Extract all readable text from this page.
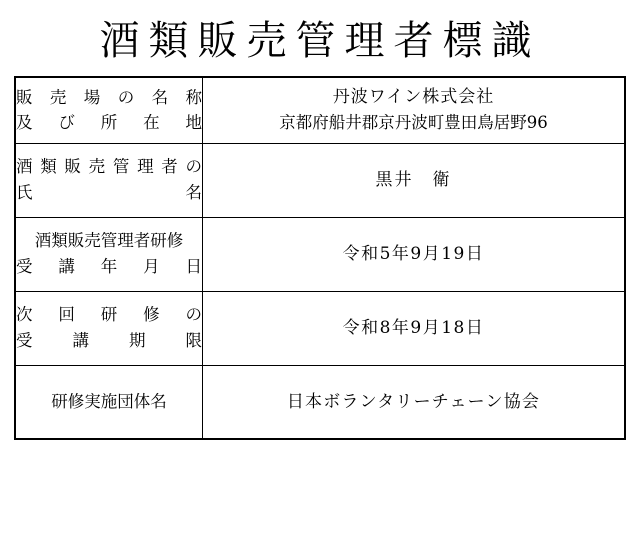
酒類販売管理者標識
販売場の名称
及び所在地	丹波ワイン株式会社
京都府船井郡京丹波町豊田鳥居野96

酒類販売管理者の
氏　　　　　名	黒井　衛

酒類販売管理者研修
受講年月日	令和5年9月19日

次回研修の
受講期限	令和8年9月18日

研修実施団体名	日本ボランタリーチェーン協会
